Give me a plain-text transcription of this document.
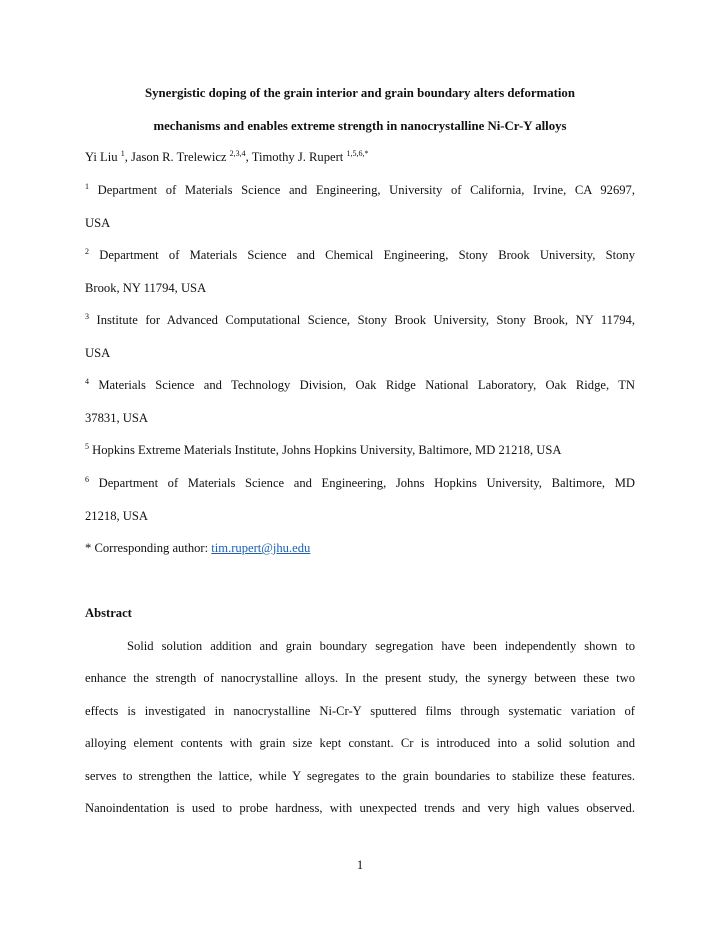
Synergistic doping of the grain interior and grain boundary alters deformation
mechanisms and enables extreme strength in nanocrystalline Ni-Cr-Y alloys
Yi Liu $^1$, Jason R. Trelewicz $^{2,3,4}$, Timothy J. Rupert $^{1,5,6,*}$
$^1$ Department of Materials Science and Engineering, University of California, Irvine, CA 92697,
USA
$^2$ Department of Materials Science and Chemical Engineering, Stony Brook University, Stony
Brook, NY 11794, USA
$^3$ Institute for Advanced Computational Science, Stony Brook University, Stony Brook, NY 11794,
USA
$^4$ Materials Science and Technology Division, Oak Ridge National Laboratory, Oak Ridge, TN
37831, USA
$^5$ Hopkins Extreme Materials Institute, Johns Hopkins University, Baltimore, MD 21218, USA
$^6$ Department of Materials Science and Engineering, Johns Hopkins University, Baltimore, MD
21218, USA
* Corresponding author: tim.rupert@jhu.edu
Abstract
Solid solution addition and grain boundary segregation have been independently shown to
enhance the strength of nanocrystalline alloys. In the present study, the synergy between these two
effects is investigated in nanocrystalline Ni-Cr-Y sputtered films through systematic variation of
alloying element contents with grain size kept constant. Cr is introduced into a solid solution and
serves to strengthen the lattice, while Y segregates to the grain boundaries to stabilize these features.
Nanoindentation is used to probe hardness, with unexpected trends and very high values observed.
1
